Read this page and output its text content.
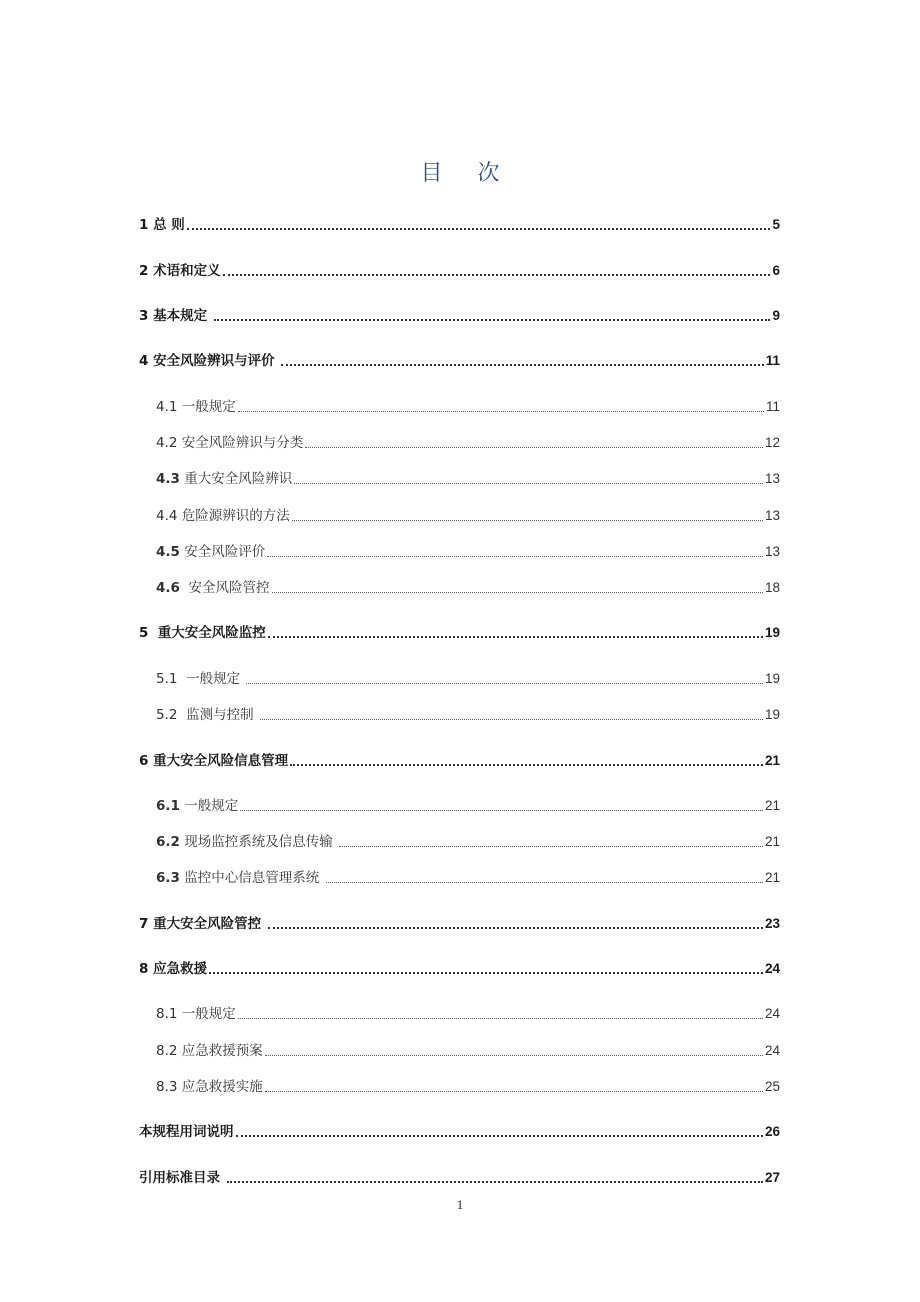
目 次
1 总 则	5
2 术语和定义	6
3 基本规定	9
4 安全风险辨识与评价	11
4.1 一般规定	11
4.2 安全风险辨识与分类	12
4.3 重大安全风险辨识	13
4.4 危险源辨识的方法	13
4.5 安全风险评价	13
4.6  安全风险管控	18
5  重大安全风险监控	19
5.1  一般规定	19
5.2  监测与控制	19
6 重大安全风险信息管理	21
6.1 一般规定	21
6.2 现场监控系统及信息传输	21
6.3 监控中心信息管理系统	21
7 重大安全风险管控	23
8 应急救援	24
8.1 一般规定	24
8.2 应急救援预案	24
8.3 应急救援实施	25
本规程用词说明	26
引用标准目录	27
1
